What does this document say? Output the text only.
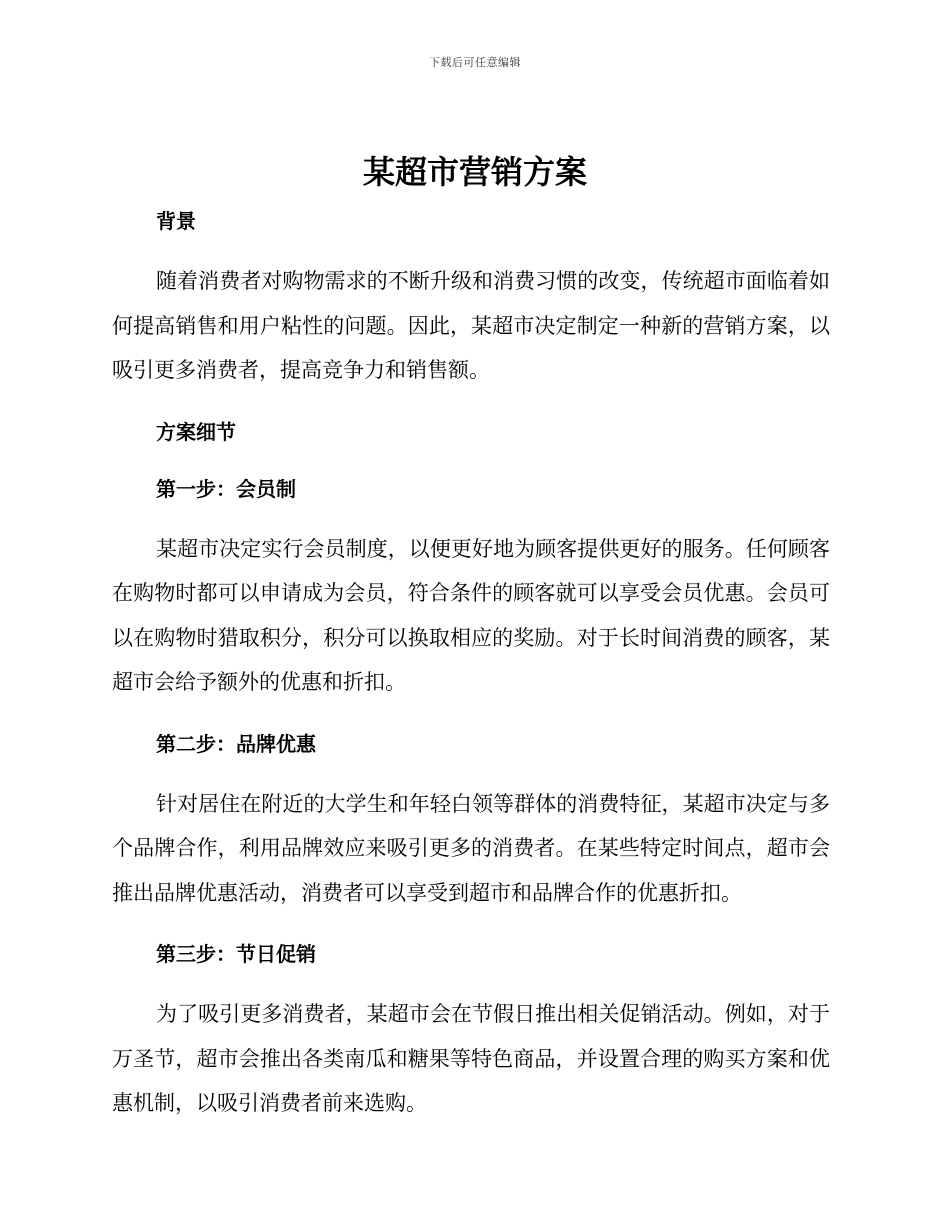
下载后可任意编辑
某超市营销方案
背景

随着消费者对购物需求的不断升级和消费习惯的改变，传统超市面临着如何提高销售和用户粘性的问题。因此，某超市决定制定一种新的营销方案，以吸引更多消费者，提高竞争力和销售额。

方案细节
第一步：会员制

某超市决定实行会员制度，以便更好地为顾客提供更好的服务。任何顾客在购物时都可以申请成为会员，符合条件的顾客就可以享受会员优惠。会员可以在购物时猎取积分，积分可以换取相应的奖励。对于长时间消费的顾客，某超市会给予额外的优惠和折扣。

第二步：品牌优惠

针对居住在附近的大学生和年轻白领等群体的消费特征，某超市决定与多个品牌合作，利用品牌效应来吸引更多的消费者。在某些特定时间点，超市会推出品牌优惠活动，消费者可以享受到超市和品牌合作的优惠折扣。

第三步：节日促销

为了吸引更多消费者，某超市会在节假日推出相关促销活动。例如，对于万圣节，超市会推出各类南瓜和糖果等特色商品，并设置合理的购买方案和优惠机制，以吸引消费者前来选购。
